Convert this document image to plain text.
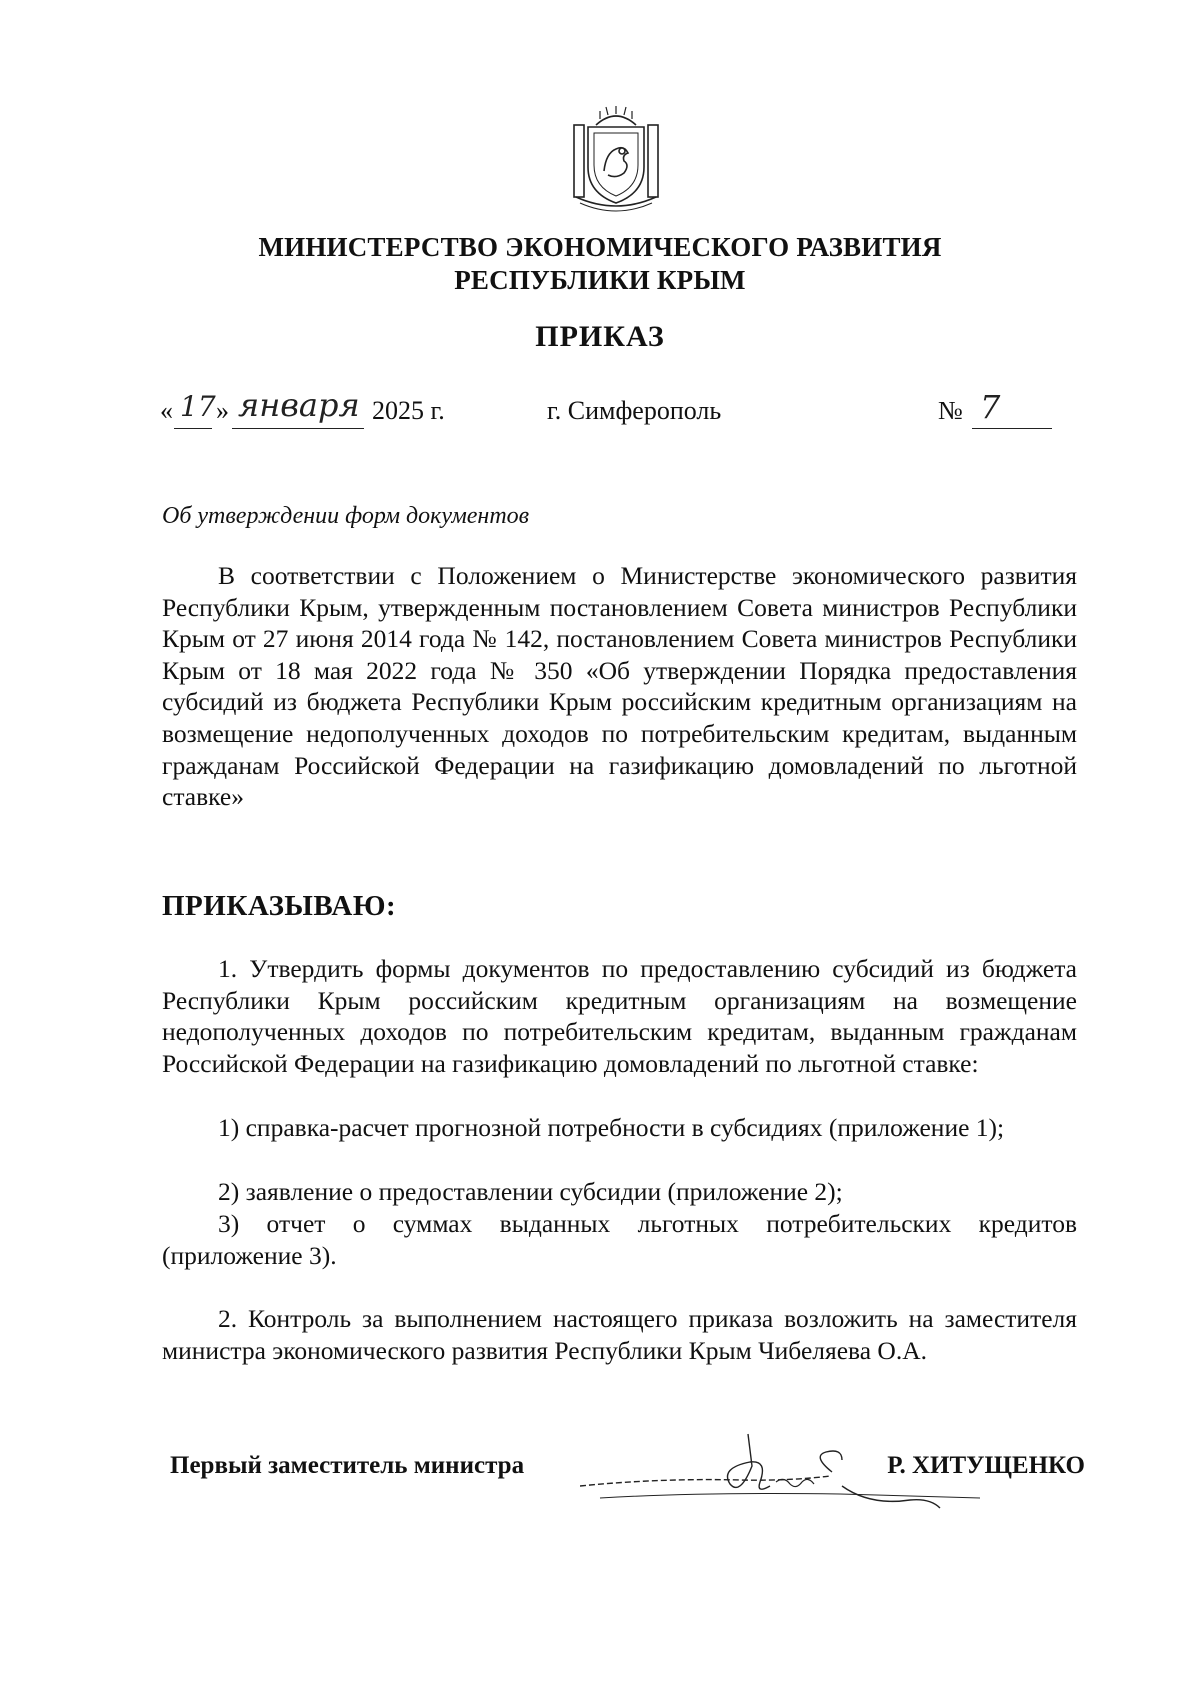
МИНИСТЕРСТВО ЭКОНОМИЧЕСКОГО РАЗВИТИЯ
РЕСПУБЛИКИ КРЫМ
ПРИКАЗ
« 17 » января 2025 г.	г. Симферополь	№ 7
Об утверждении форм документов
В соответствии с Положением о Министерстве экономического развития Республики Крым, утвержденным постановлением Совета министров Республики Крым от 27 июня 2014 года № 142, постановлением Совета министров Республики Крым от 18 мая 2022 года № 350 «Об утверждении Порядка предоставления субсидий из бюджета Республики Крым российским кредитным организациям на возмещение недополученных доходов по потребительским кредитам, выданным гражданам Российской Федерации на газификацию домовладений по льготной ставке»
ПРИКАЗЫВАЮ:
1. Утвердить формы документов по предоставлению субсидий из бюджета Республики Крым российским кредитным организациям на возмещение недополученных доходов по потребительским кредитам, выданным гражданам Российской Федерации на газификацию домовладений по льготной ставке:
1) справка-расчет прогнозной потребности в субсидиях (приложение 1);
2) заявление о предоставлении субсидии (приложение 2);
3) отчет о суммах выданных льготных потребительских кредитов (приложение 3).
2. Контроль за выполнением настоящего приказа возложить на заместителя министра экономического развития Республики Крым Чибеляева О.А.
Первый заместитель министра	Р. ХИТУЩЕНКО
